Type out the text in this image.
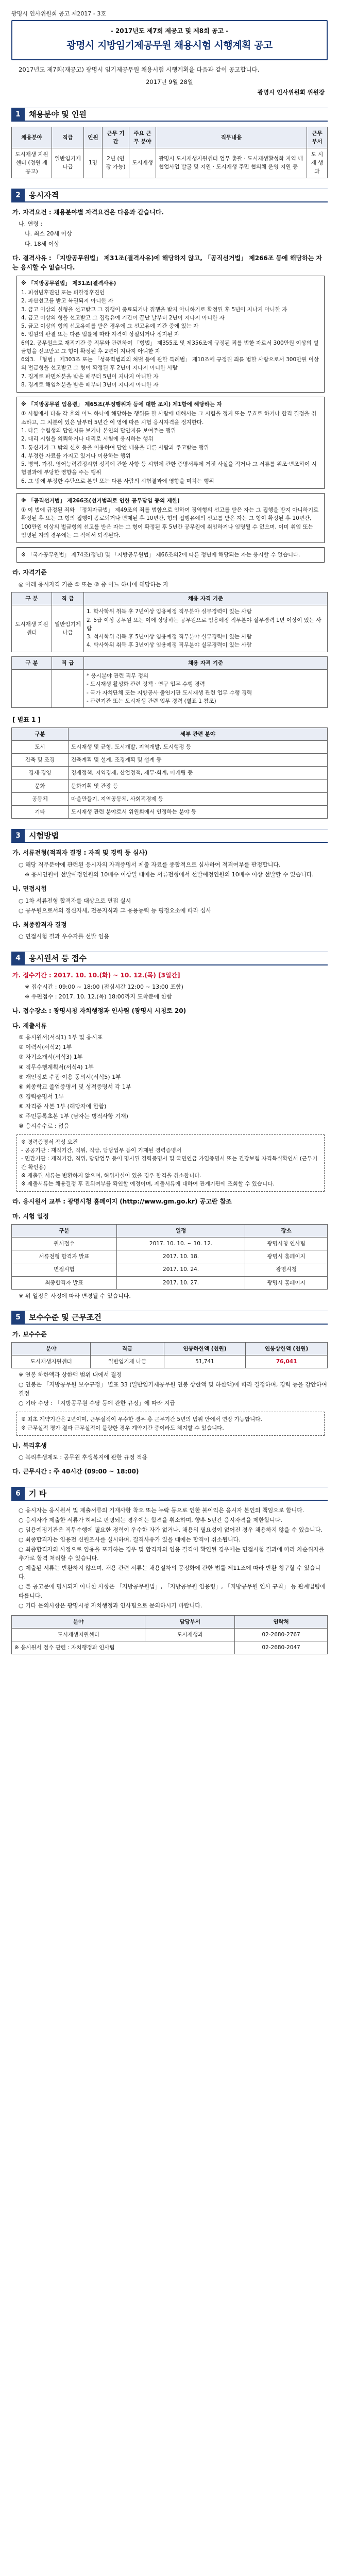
광명시 인사위원회 공고 제2017 - 3호
- 2017년도 제7회 제공고 및 제8회 공고 -
광명시 지방임기제공무원 채용시험 시행계획 공고
2017년도 제7회(재공고) 광명시 임기제공무원 채용시험 시행계획을 다음과 같이 공고합니다.
2017년 9월 28일
광명시 인사위원회 위원장
1	채용분야 및 인원
채용분야	직급	인원	근무 기간	주요 근무 분야	직무내용	근무 부서
도시재생 지원센터 (정원 재공고)	일반임기제 나급	1명	2년 (연장 가능)	도시재생	광명시 도시재생지원센터 업무 총괄 · 도시재생활성화 지역 내 협업사업 발굴 및 지원 · 도시재생 주민 협의체 운영 지원 등	도 시 재 생 과
2	응시자격
가. 자격요건 : 채용분야별 자격요건은 다음과 같습니다.
나. 연령 :
나. 최소 20세 이상
다. 18세 이상
다. 결격사유 : 「지방공무원법」 제31조(결격사유)에 해당하지 않고, 「공직선거법」 제266조 등에 해당하는 자는 응시할 수 없습니다.
※ 「지방공무원법」 제31조(결격사유)
1. 피성년후견인 또는 피한정후견인
2. 파산선고를 받고 복권되지 아니한 자
3. 금고 이상의 실형을 선고받고 그 집행이 종료되거나 집행을 받지 아니하기로 확정된 후 5년이 지나지 아니한 자
4. 금고 이상의 형을 선고받고 그 집행유예 기간이 끝난 날부터 2년이 지나지 아니한 자
5. 금고 이상의 형의 선고유예를 받은 경우에 그 선고유예 기간 중에 있는 자
6. 법원의 판결 또는 다른 법률에 따라 자격이 상실되거나 정지된 자
6의2. 공무원으로 재직기간 중 직무와 관련하여 「형법」 제355조 및 제356조에 규정된 죄를 범한 자로서 300만원 이상의 벌금형을 선고받고 그 형이 확정된 후 2년이 지나지 아니한 자
6의3. 「형법」 제303조 또는 「성폭력범죄의 처벌 등에 관한 특례법」 제10조에 규정된 죄를 범한 사람으로서 300만원 이상의 벌금형을 선고받고 그 형이 확정된 후 2년이 지나지 아니한 사람
7. 징계로 파면처분을 받은 때부터 5년이 지나지 아니한 자
8. 징계로 해임처분을 받은 때부터 3년이 지나지 아니한 자
※ 「지방공무원 임용령」 제65조(부정행위자 등에 대한 조치) 제1항에 해당하는 자
① 시험에서 다음 각 호의 어느 하나에 해당하는 행위를 한 사람에 대해서는 그 시험을 정지 또는 무효로 하거나 합격 결정을 취소하고, 그 처분이 있은 날부터 5년간 이 영에 따른 시험 응시자격을 정지한다.
1. 다른 수험생의 답안지를 보거나 본인의 답안지를 보여주는 행위
2. 대리 시험을 의뢰하거나 대리로 시험에 응시하는 행위
3. 통신기기 그 밖의 신호 등을 이용하여 답안 내용을 다른 사람과 주고받는 행위
4. 부정한 자료를 가지고 있거나 이용하는 행위
5. 병역, 가점, 영어능력검정시험 성적에 관한 사항 등 시험에 관한 증명서류에 거짓 사실을 적거나 그 서류를 위조·변조하여 시험결과에 부당한 영향을 주는 행위
6. 그 밖에 부정한 수단으로 본인 또는 다른 사람의 시험결과에 영향을 미치는 행위
※ 「공직선거법」 제266조(선거범죄로 인한 공무담임 등의 제한)
① 이 법에 규정된 죄와 「정치자금법」 제49조의 죄를 범함으로 인하여 징역형의 선고를 받은 자는 그 집행을 받지 아니하기로 확정된 후 또는 그 형의 집행이 종료되거나 면제된 후 10년간, 형의 집행유예의 선고를 받은 자는 그 형이 확정된 후 10년간, 100만원 이상의 벌금형의 선고를 받은 자는 그 형이 확정된 후 5년간 공무원에 취임하거나 임명될 수 없으며, 이미 취임 또는 임명된 자의 경우에는 그 직에서 퇴직된다.
※ 「국가공무원법」 제74조(정년) 및 「지방공무원법」 제66조의2에 따른 정년에 해당되는 자는 응시할 수 없습니다.
라. 자격기준
◎ 아래 응시자격 기준 ① 또는 ② 중 어느 하나에 해당하는 자
구 분	직 급	채용 자격 기준
도시재생 지원센터	일반임기제 나급	1. 학사학위 취득 후 7년이상 임용예정 직무분야 실무경력이 있는 사람
2. 5급 이상 공무원 또는 이에 상당하는 공무원으로 임용예정 직무분야 실무경력 1년 이상이 있는 사람
3. 석사학위 취득 후 5년이상 임용예정 직무분야 실무경력이 있는 사람
4. 박사학위 취득 후 3년이상 임용예정 직무분야 실무경력이 있는 사람
구 분	직 급	채용 자격 기준

		* 응시분야 관련 직무 정의
- 도시재생 활성화 관련 정책 · 연구 업무 수행 경력
- 국가 자치단체 또는 지방공사·출연기관 도시재생 관련 업무 수행 경력
- 관련기관 또는 도시재생 관련 업무 경력 (별표 1 참조)
[ 별표 1 ]
구분	세부 관련 분야
도시	도시재생 및 균형, 도시개발, 지역개발, 도시행정 등
건축 및 조경	건축계획 및 설계, 조경계획 및 설계 등
경제·경영	경제정책, 지역경제, 산업정책, 재무·회계, 마케팅 등
문화	문화기획 및 관광 등
공동체	마을만들기, 지역공동체, 사회적경제 등
기타	도시재생 관련 분야로서 위원회에서 인정하는 분야 등
3	시험방법
가. 서류전형(적격자 결정 : 자격 및 경력 등 심사)
○ 해당 직무분야에 관련된 응시자의 자격증명서 제출 자료를 종합적으로 심사하여 적격여부를 판정합니다.
※ 응시인원이 선발예정인원의 10배수 이상일 때에는 서류전형에서 선발예정인원의 10배수 이상 선발할 수 있습니다.
나. 면접시험
○ 1차 서류전형 합격자를 대상으로 면접 실시
○ 공무원으로서의 정신자세, 전문지식과 그 응용능력 등 평정요소에 따라 심사
다. 최종합격자 결정
○ 면접시험 결과 우수자를 선발 임용
4	응시원서 등 접수
가. 접수기간 : 2017. 10. 10.(화) ~ 10. 12.(목) [3일간]
※ 접수시간 : 09:00 ~ 18:00 (점심시간 12:00 ~ 13:00 포함)
※ 우편접수 : 2017. 10. 12.(목) 18:00까지 도착분에 한함
나. 접수장소 : 광명시청 자치행정과 인사팀 (광명시 시청로 20)
다. 제출서류
① 응시원서(서식1) 1부 및 응시표
② 이력서(서식2) 1부
③ 자기소개서(서식3) 1부
④ 직무수행계획서(서식4) 1부
⑤ 개인정보 수집·이용 동의서(서식5) 1부
⑥ 최종학교 졸업증명서 및 성적증명서 각 1부
⑦ 경력증명서 1부
⑧ 자격증 사본 1부 (해당자에 한함)
⑨ 주민등록초본 1부 (남자는 병적사항 기재)
⑩ 응시수수료 : 없음
※ 경력증명서 작성 요건
- 공공기관 : 재직기간, 직위, 직급, 담당업무 등이 기재된 경력증명서
- 민간기관 : 재직기간, 직위, 담당업무 등이 명시된 경력증명서 및 국민연금 가입증명서 또는 건강보험 자격득실확인서 (근무기간 확인용)
※ 제출된 서류는 반환하지 않으며, 허위사실이 있을 경우 합격을 취소합니다.
※ 제출서류는 채용결정 후 진위여부를 확인할 예정이며, 제출서류에 대하여 관계기관에 조회할 수 있습니다.
라. 응시원서 교부 : 광명시청 홈페이지 (http://www.gm.go.kr) 공고란 참조
마. 시험 일정
구분	일정	장소
원서접수	2017. 10. 10. ~ 10. 12.	광명시청 인사팀
서류전형 합격자 발표	2017. 10. 18.	광명시 홈페이지
면접시험	2017. 10. 24.	광명시청
최종합격자 발표	2017. 10. 27.	광명시 홈페이지
※ 위 일정은 사정에 따라 변경될 수 있습니다.
5	보수수준 및 근무조건
가. 보수수준
분야	직급	연봉하한액 (천원)	연봉상한액 (천원)
도시재생지원센터	일반임기제 나급	51,741	76,041
※ 연봉 하한액과 상한액 범위 내에서 결정
○ 연봉은 「지방공무원 보수규정」 별표 33 (일반임기제공무원 연봉 상한액 및 하한액)에 따라 결정하며, 경력 등을 감안하여 결정
○ 기타 수당 : 「지방공무원 수당 등에 관한 규정」에 따라 지급
※ 최초 계약기간은 2년이며, 근무실적이 우수한 경우 총 근무기간 5년의 범위 안에서 연장 가능합니다.
※ 근무실적 평가 결과 근무실적이 불량한 경우 계약기간 중이라도 해지할 수 있습니다.
나. 복리후생
○ 복리후생제도 : 공무원 후생복지에 관한 규정 적용
다. 근무시간 : 주 40시간 (09:00 ~ 18:00)
6	기 타
○ 응시자는 응시원서 및 제출서류의 기재사항 착오 또는 누락 등으로 인한 불이익은 응시자 본인의 책임으로 합니다.
○ 응시자가 제출한 서류가 허위로 판명되는 경우에는 합격을 취소하며, 향후 5년간 응시자격을 제한합니다.
○ 임용예정기관은 직무수행에 필요한 경력이 우수한 자가 없거나, 채용의 필요성이 없어진 경우 채용하지 않을 수 있습니다.
○ 최종합격자는 임용전 신원조사를 실시하며, 결격사유가 있을 때에는 합격이 취소됩니다.
○ 최종합격자의 사정으로 임용을 포기하는 경우 및 합격자의 임용 결격이 확인된 경우에는 면접시험 결과에 따라 차순위자를 추가로 합격 처리할 수 있습니다.
○ 제출된 서류는 반환하지 않으며, 채용 관련 서류는 채용절차의 공정화에 관한 법률 제11조에 따라 반환 청구할 수 있습니다.
○ 본 공고문에 명시되지 아니한 사항은 「지방공무원법」, 「지방공무원 임용령」, 「지방공무원 인사 규칙」 등 관계법령에 따릅니다.
○ 기타 문의사항은 광명시청 자치행정과 인사팀으로 문의하시기 바랍니다.
분야	담당부서	연락처
도시재생지원센터	도시재생과	02-2680-2767
※ 응시원서 접수 관련 : 자치행정과 인사팀		02-2680-2047
